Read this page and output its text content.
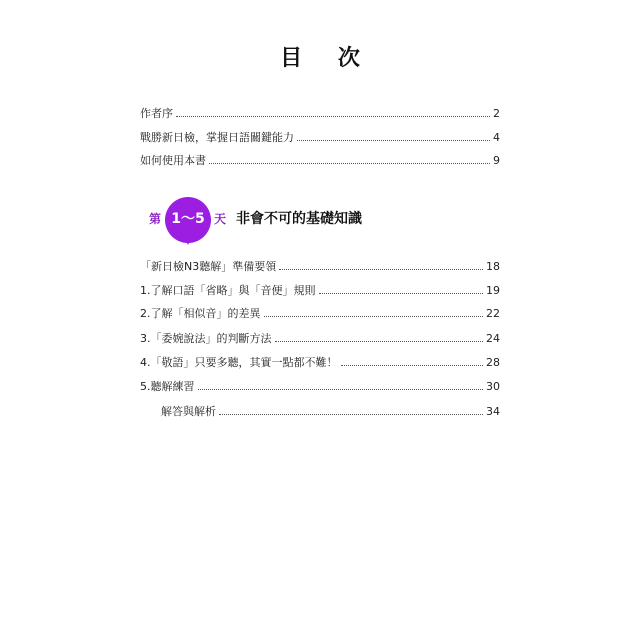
目 次
作者序	2
戰勝新日檢，掌握日語關鍵能力	4
如何使用本書	9
第 1〜5 天 非會不可的基礎知識
「新日檢N3聽解」準備要領	18
1.了解口語「省略」與「音便」規則	19
2.了解「相似音」的差異	22
3.「委婉說法」的判斷方法	24
4.「敬語」只要多聽，其實一點都不難！	28
5.聽解練習	30
解答與解析	34
